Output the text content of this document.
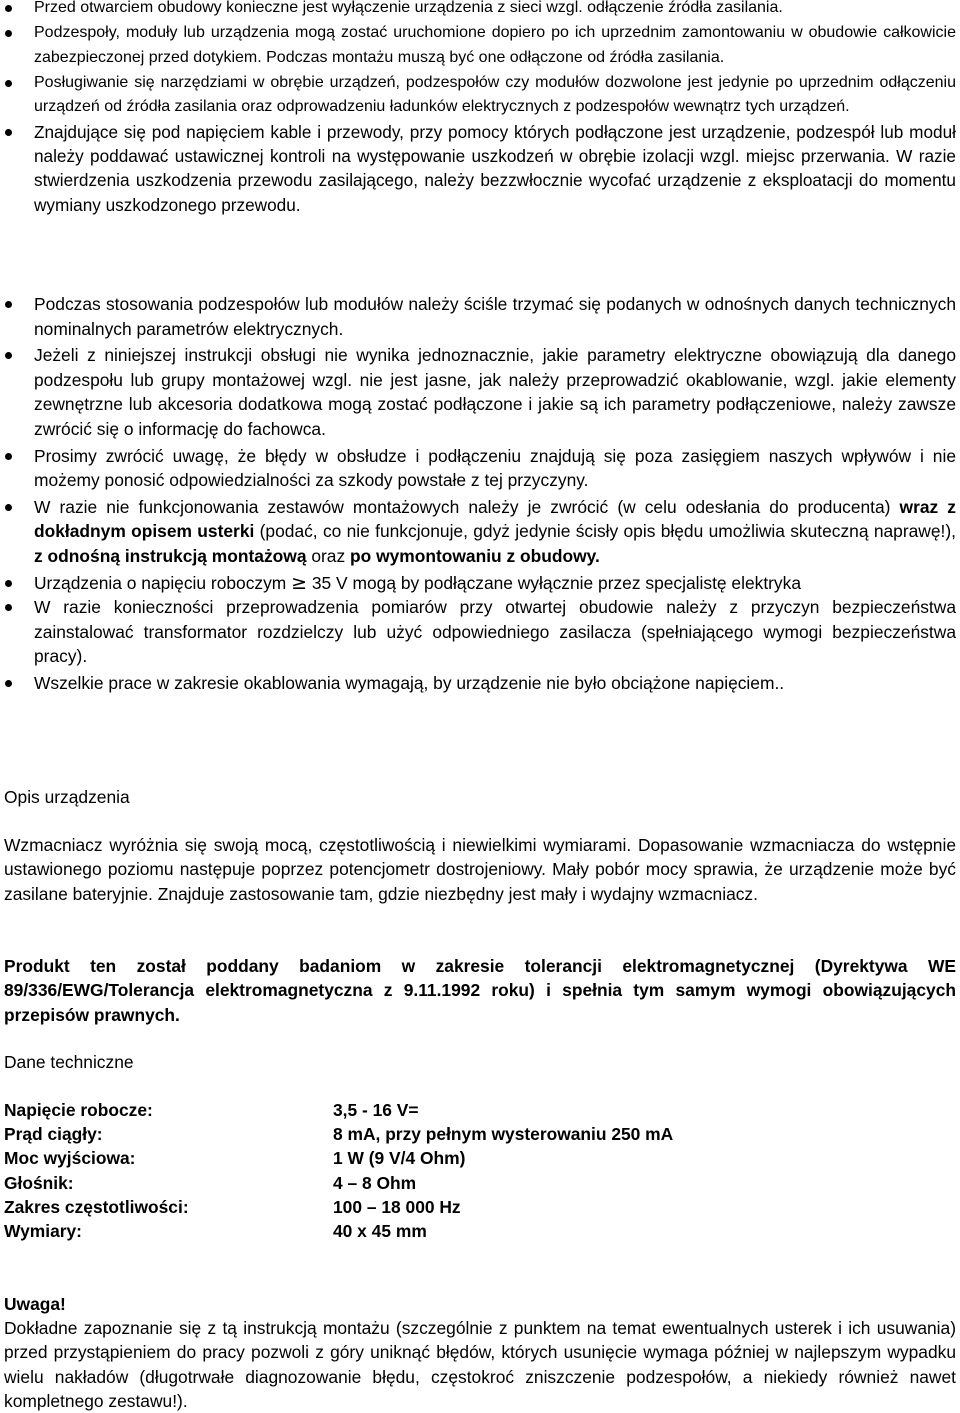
Przed otwarciem obudowy konieczne jest wyłączenie urządzenia z sieci wzgl. odłączenie źródła zasilania.
Podzespoły, moduły lub urządzenia mogą zostać uruchomione dopiero po ich uprzednim zamontowaniu w obudowie całkowicie zabezpieczonej przed dotykiem. Podczas montażu muszą być one odłączone od źródła zasilania.
Posługiwanie się narzędziami w obrębie urządzeń, podzespołów czy modułów dozwolone jest jedynie po uprzednim odłączeniu urządzeń od źródła zasilania oraz odprowadzeniu ładunków elektrycznych z podzespołów wewnątrz tych urządzeń.
Znajdujące się pod napięciem kable i przewody, przy pomocy których podłączone jest urządzenie, podzespół lub moduł należy poddawać ustawicznej kontroli na występowanie uszkodzeń w obrębie izolacji wzgl. miejsc przerwania. W razie stwierdzenia uszkodzenia przewodu zasilającego, należy bezzwłocznie wycofać urządzenie z eksploatacji do momentu wymiany uszkodzonego przewodu.
Podczas stosowania podzespołów lub modułów należy ściśle trzymać się podanych w odnośnych danych technicznych nominalnych parametrów elektrycznych.
Jeżeli z niniejszej instrukcji obsługi nie wynika jednoznacznie, jakie parametry elektryczne obowiązują dla danego podzespołu lub grupy montażowej wzgl. nie jest jasne, jak należy przeprowadzić okablowanie, wzgl. jakie elementy zewnętrzne lub akcesoria dodatkowa mogą zostać podłączone i jakie są ich parametry podłączeniowe, należy zawsze zwrócić się o informację do fachowca.
Prosimy zwrócić uwagę, że błędy w obsłudze i podłączeniu znajdują się poza zasięgiem naszych wpływów i nie możemy ponosić odpowiedzialności za szkody powstałe z tej przyczyny.
W razie nie funkcjonowania zestawów montażowych należy je zwrócić (w celu odesłania do producenta) wraz z dokładnym opisem usterki (podać, co nie funkcjonuje, gdyż jedynie ścisły opis błędu umożliwia skuteczną naprawę!), z odnośną instrukcją montażową oraz po wymontowaniu z obudowy.
Urządzenia o napięciu roboczym ≥ 35 V mogą by podłączane wyłącznie przez specjalistę elektryka
W razie konieczności przeprowadzenia pomiarów przy otwartej obudowie należy z przyczyn bezpieczeństwa zainstalować transformator rozdzielczy lub użyć odpowiedniego zasilacza (spełniającego wymogi bezpieczeństwa pracy).
Wszelkie prace w zakresie okablowania wymagają, by urządzenie nie było obciążone napięciem..
Opis urządzenia

Wzmacniacz wyróżnia się swoją mocą, częstotliwością i niewielkimi wymiarami. Dopasowanie wzmacniacza do wstępnie ustawionego poziomu następuje poprzez potencjometr dostrojeniowy. Mały pobór mocy sprawia, że urządzenie może być zasilane bateryjnie. Znajduje zastosowanie tam, gdzie niezbędny jest mały i wydajny wzmacniacz.

Produkt ten został poddany badaniom w zakresie tolerancji elektromagnetycznej (Dyrektywa WE 89/336/EWG/Tolerancja elektromagnetyczna z 9.11.1992 roku) i spełnia tym samym wymogi obowiązujących przepisów prawnych.

Dane techniczne
Napięcie robocze:	3,5 - 16 V=
Prąd ciągły:	8 mA, przy pełnym wysterowaniu 250 mA
Moc wyjściowa:	1 W (9 V/4 Ohm)
Głośnik:	4 – 8 Ohm
Zakres częstotliwości:	100 – 18 000 Hz
Wymiary:	40 x 45 mm
Uwaga!

Dokładne zapoznanie się z tą instrukcją montażu (szczególnie z punktem na temat ewentualnych usterek i ich usuwania) przed przystąpieniem do pracy pozwoli z góry uniknąć błędów, których usunięcie wymaga później w najlepszym wypadku wielu nakładów (długotrwałe diagnozowanie błędu, częstokroć zniszczenie podzespołów, a niekiedy również nawet kompletnego zestawu!).
